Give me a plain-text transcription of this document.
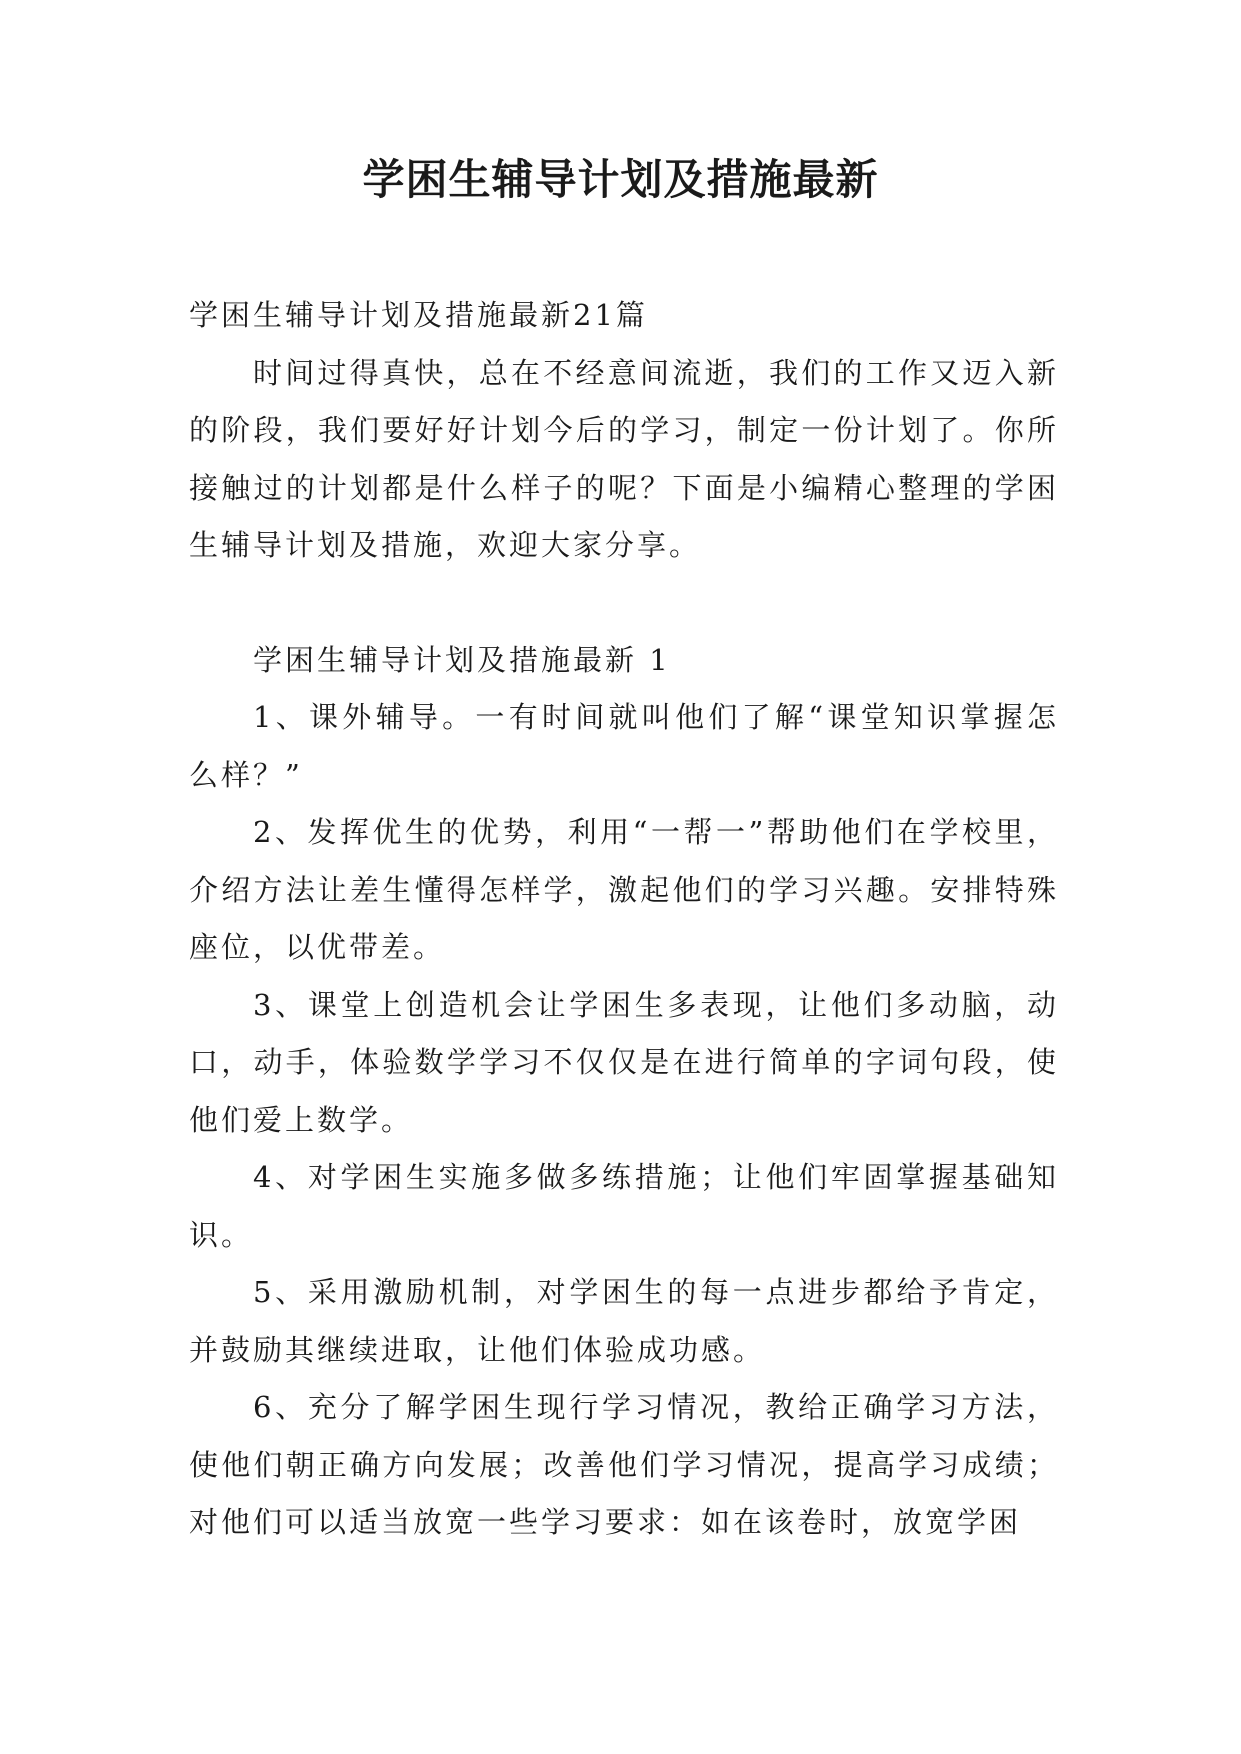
学困生辅导计划及措施最新

学困生辅导计划及措施最新21篇

时间过得真快，总在不经意间流逝，我们的工作又迈入新的阶段，我们要好好计划今后的学习，制定一份计划了。你所接触过的计划都是什么样子的呢？下面是小编精心整理的学困生辅导计划及措施，欢迎大家分享。

学困生辅导计划及措施最新 1

1、课外辅导。一有时间就叫他们了解“课堂知识掌握怎么样？”

2、发挥优生的优势，利用“一帮一”帮助他们在学校里，介绍方法让差生懂得怎样学，激起他们的学习兴趣。安排特殊座位，以优带差。

3、课堂上创造机会让学困生多表现，让他们多动脑，动口，动手，体验数学学习不仅仅是在进行简单的字词句段，使他们爱上数学。

4、对学困生实施多做多练措施；让他们牢固掌握基础知识。

5、采用激励机制，对学困生的每一点进步都给予肯定，并鼓励其继续进取，让他们体验成功感。

6、充分了解学困生现行学习情况，教给正确学习方法，使他们朝正确方向发展；改善他们学习情况，提高学习成绩；对他们可以适当放宽一些学习要求：如在该卷时，放宽学困
